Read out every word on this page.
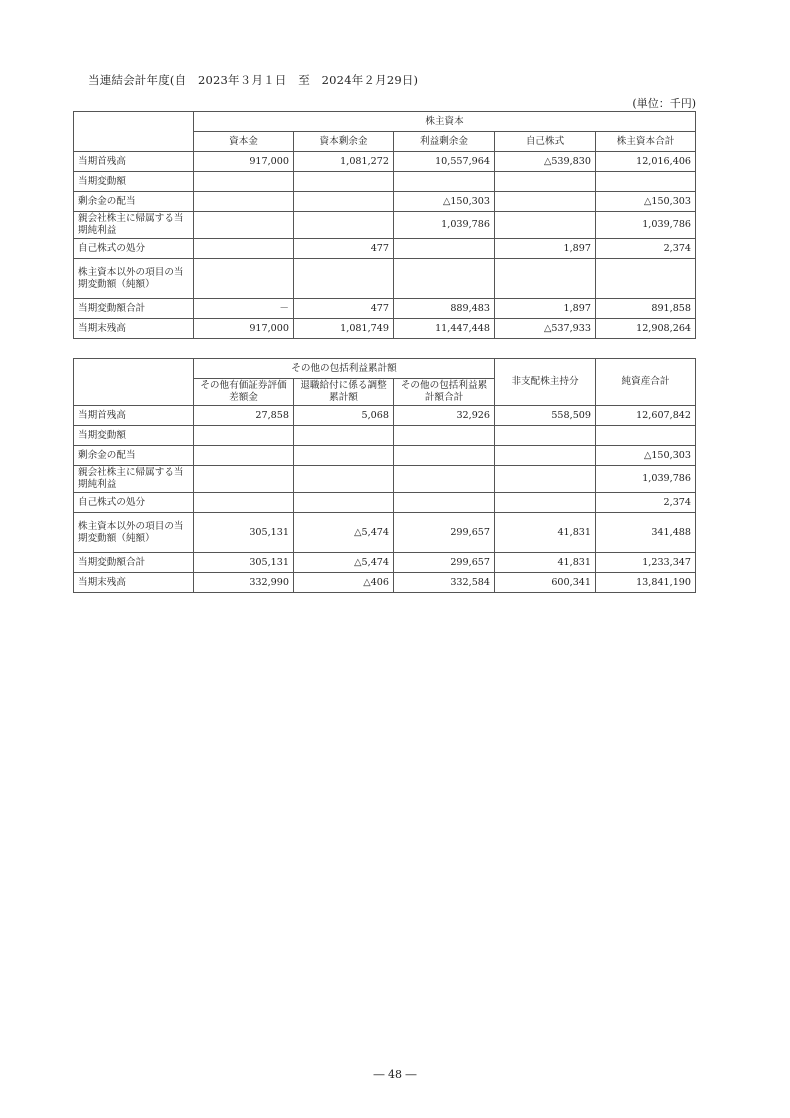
当連結会計年度(自　2023年３月１日　至　2024年２月29日)
(単位：千円)
	株主資本				
	資本金	資本剰余金	利益剰余金	自己株式	株主資本合計
当期首残高	917,000	1,081,272	10,557,964	△539,830	12,016,406
当期変動額					
剰余金の配当			△150,303		△150,303
親会社株主に帰属する当期純利益			1,039,786		1,039,786
自己株式の処分		477		1,897	2,374
株主資本以外の項目の当期変動額（純額）					
当期変動額合計	－	477	889,483	1,897	891,858
当期末残高	917,000	1,081,749	11,447,448	△537,933	12,908,264
	その他の包括利益累計額			非支配株主持分	純資産合計
	その他有価証券評価差額金	退職給付に係る調整累計額	その他の包括利益累計額合計		
当期首残高	27,858	5,068	32,926	558,509	12,607,842
当期変動額					
剰余金の配当					△150,303
親会社株主に帰属する当期純利益					1,039,786
自己株式の処分					2,374
株主資本以外の項目の当期変動額（純額）	305,131	△5,474	299,657	41,831	341,488
当期変動額合計	305,131	△5,474	299,657	41,831	1,233,347
当期末残高	332,990	△406	332,584	600,341	13,841,190
― 48 ―
